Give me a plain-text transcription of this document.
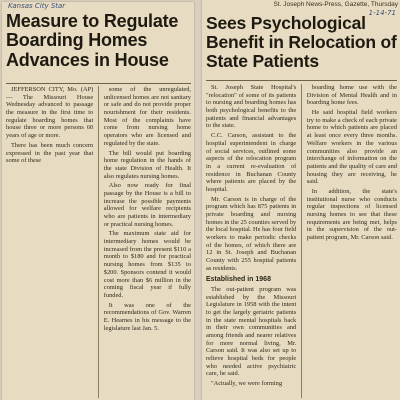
Kansas City Star
Measure to Regulate Boarding Homes Advances in House

JEFFERSON CITY, Mo. (AP) — The Missouri House Wednesday advanced to passage the measure in the first time to regulate boarding homes that house three or more persons 60 years of age or more.

There has been much concern expressed in the past year that some of these

some of the unregulated, unlicensed homes are not sanitary or safe and do not provide proper nourishment for their residents. Most of the complaints have come from nursing home operators who are licensed and regulated by the state.

The bill would put boarding home regulation in the hands of the state Division of Health. It also regulates nursing homes.

Also now ready for final passage by the House is a bill to increase the possible payments allowed for welfare recipients who are patients in intermediary or practical nursing homes.

The maximum state aid for intermediary homes would be increased from the present $110 a month to $180 and for practical nursing homes from $135 to $200. Sponsors contend it would cost more than $6 million in the coming fiscal year if fully funded.

It was one of the recommendations of Gov. Warren E. Hearnes in his message to the legislature last Jan. 5.

St. Joseph News-Press, Gazette, Thursday
1-14-71
Sees Psychological Benefit in Relocation of State Patients

St. Joseph State Hospital's "relocation" of some of its patients to nursing and boarding homes has both psychological benefits to the patients and financial advantages to the state.

C.C. Carson, assistant to the hospital superintendent in charge of social services, outlined some aspects of the relocation program in a current re-evaluation of residence in Buchanan County where patients are placed by the hospital.

Mr. Carson is in charge of the program which has 875 patients in private boarding and nursing homes in the 25 counties served by the local hospital. He has four field workers to make periodic checks of the homes, of which there are 12 in St. Joseph and Buchanan County with 255 hospital patients as residents.

Established in 1968

The out-patient program was established by the Missouri Legislature in 1958 with the intent to get the largely geriatric patients in the state mental hospitals back in their own communities and among friends and nearer relatives for more normal living, Mr. Carson said. It was also set up to relieve hospital beds for people who needed active psychiatric care, he said.

"Actually, we were forming

boarding home use with the Division of Mental Health and in boarding home fees.

He said hospital field workers try to make a check of each private home to which patients are placed at least once every three months. Welfare workers in the various communities also provide an interchange of information on the patients and the quality of care and housing they are receiving, he said.

In addition, the state's institutional nurse who conducts regular inspections of licensed nursing homes to see that these requirements are being met, helps in the supervision of the out-patient program, Mr. Carson said.
